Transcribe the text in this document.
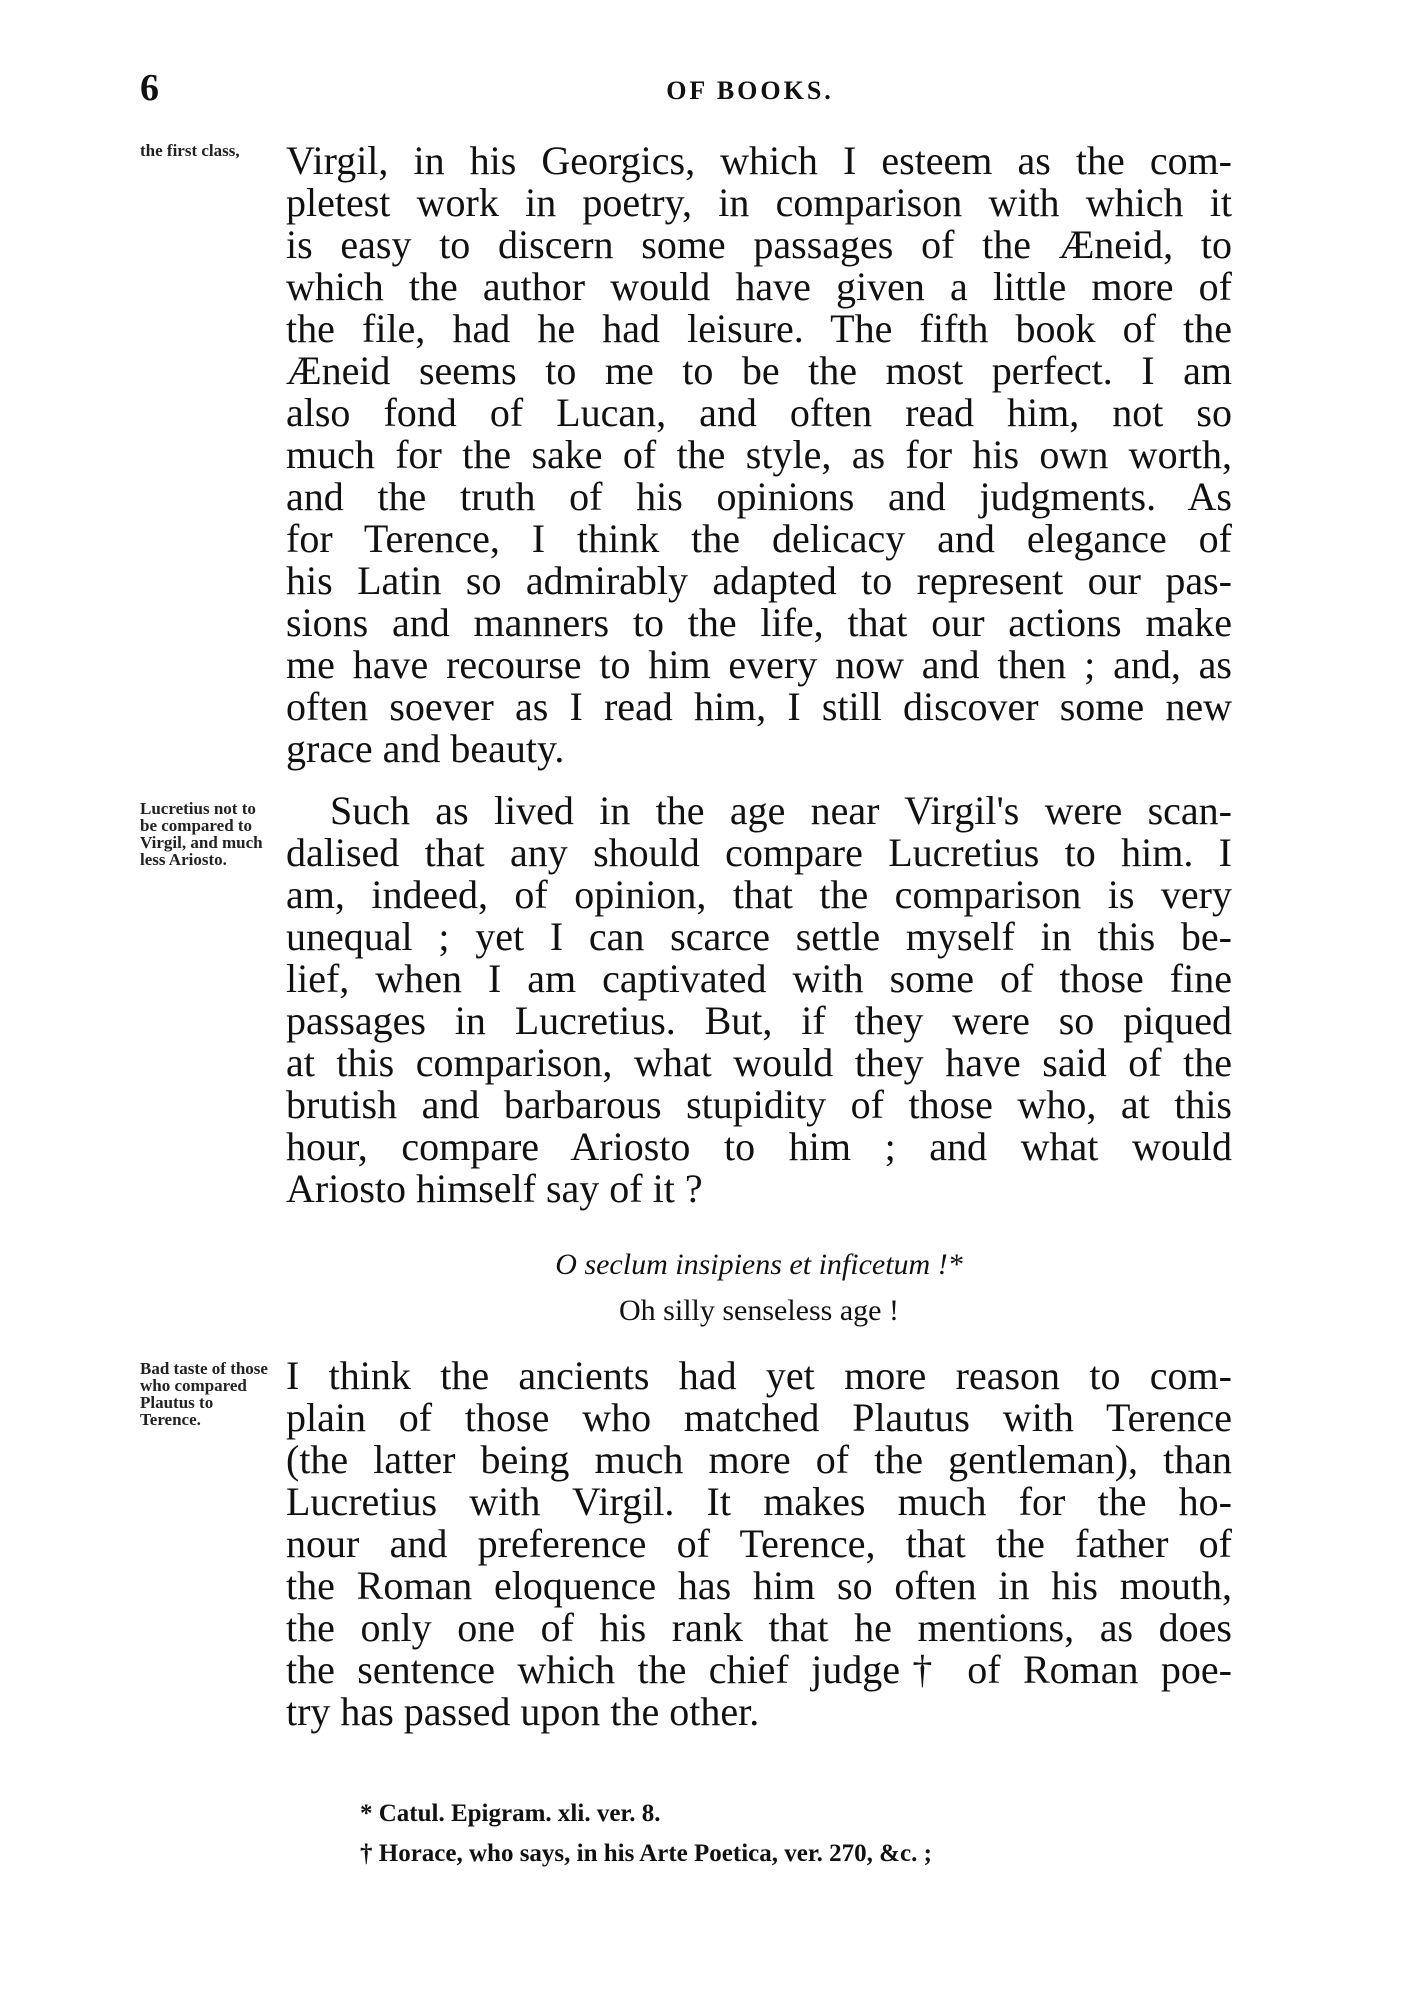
6	OF BOOKS.
the first class,
Lucretius not to be compared to Virgil, and much less Ariosto.
Bad taste of those who compared Plautus to Terence.
Virgil, in his Georgics, which I esteem as the com-
pletest work in poetry, in comparison with which it
is easy to discern some passages of the Æneid, to
which the author would have given a little more of
the file, had he had leisure. The fifth book of the
Æneid seems to me to be the most perfect. I am
also fond of Lucan, and often read him, not so
much for the sake of the style, as for his own worth,
and the truth of his opinions and judgments. As
for Terence, I think the delicacy and elegance of
his Latin so admirably adapted to represent our pas-
sions and manners to the life, that our actions make
me have recourse to him every now and then ; and, as
often soever as I read him, I still discover some new
grace and beauty.
Such as lived in the age near Virgil's were scan-
dalised that any should compare Lucretius to him. I
am, indeed, of opinion, that the comparison is very
unequal ; yet I can scarce settle myself in this be-
lief, when I am captivated with some of those fine
passages in Lucretius. But, if they were so piqued
at this comparison, what would they have said of the
brutish and barbarous stupidity of those who, at this
hour, compare Ariosto to him ; and what would
Ariosto himself say of it ?
O seclum insipiens et inficetum !*
Oh silly senseless age !
I think the ancients had yet more reason to com-
plain of those who matched Plautus with Terence
(the latter being much more of the gentleman), than
Lucretius with Virgil. It makes much for the ho-
nour and preference of Terence, that the father of
the Roman eloquence has him so often in his mouth,
the only one of his rank that he mentions, as does
the sentence which the chief judge† of Roman poe-
try has passed upon the other.
* Catul. Epigram. xli. ver. 8.
† Horace, who says, in his Arte Poetica, ver. 270, &c. ;
